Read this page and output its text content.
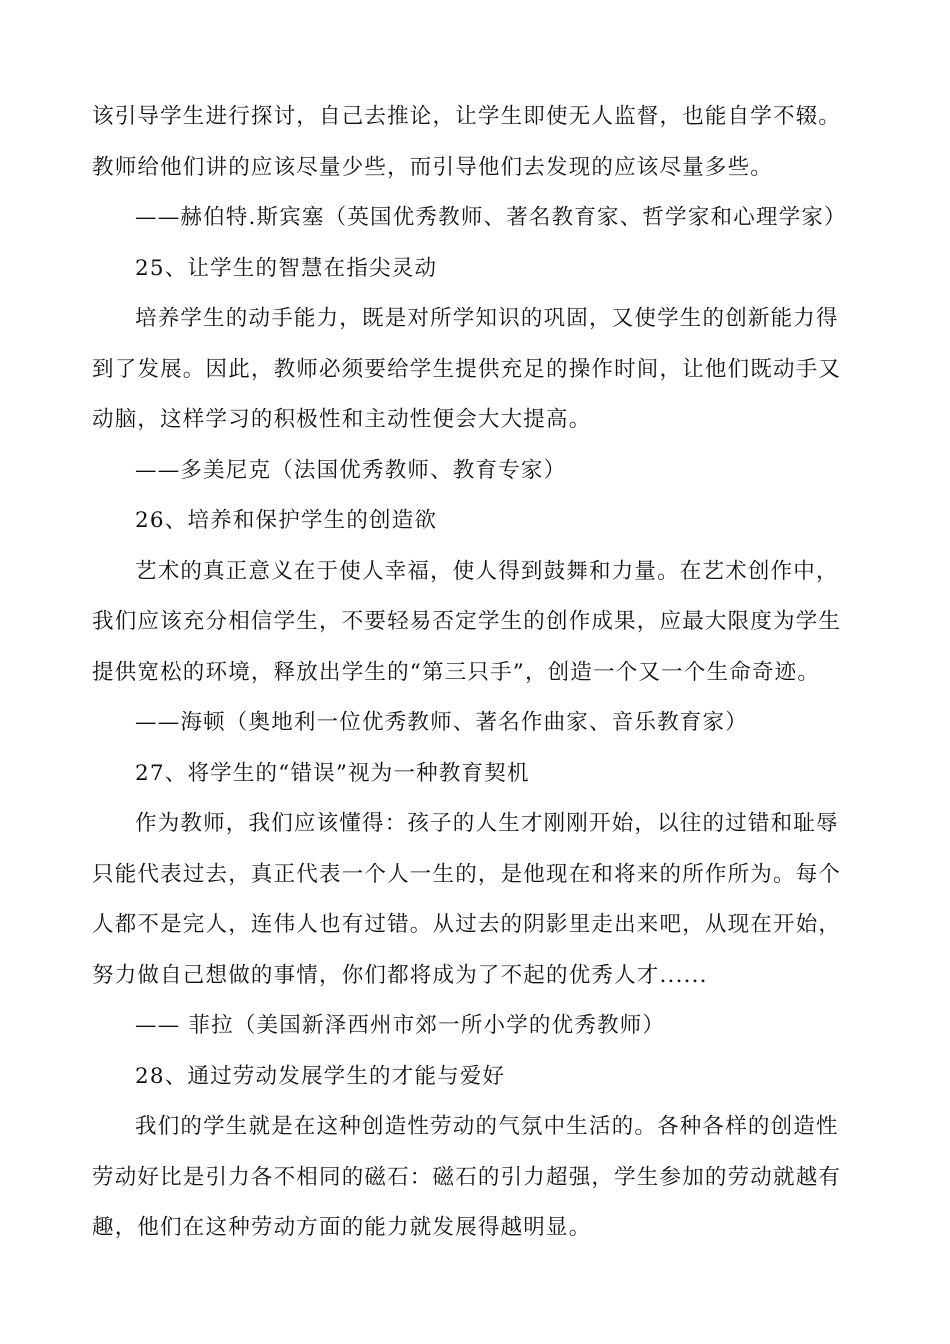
该引导学生进行探讨，自己去推论，让学生即使无人监督，也能自学不辍。教师给他们讲的应该尽量少些，而引导他们去发现的应该尽量多些。

——赫伯特.斯宾塞（英国优秀教师、著名教育家、哲学家和心理学家）

25、让学生的智慧在指尖灵动

培养学生的动手能力，既是对所学知识的巩固，又使学生的创新能力得到了发展。因此，教师必须要给学生提供充足的操作时间，让他们既动手又动脑，这样学习的积极性和主动性便会大大提高。

——多美尼克（法国优秀教师、教育专家）

26、培养和保护学生的创造欲

艺术的真正意义在于使人幸福，使人得到鼓舞和力量。在艺术创作中，我们应该充分相信学生，不要轻易否定学生的创作成果，应最大限度为学生提供宽松的环境，释放出学生的“第三只手”，创造一个又一个生命奇迹。

——海顿（奥地利一位优秀教师、著名作曲家、音乐教育家）

27、将学生的“错误”视为一种教育契机

作为教师，我们应该懂得：孩子的人生才刚刚开始，以往的过错和耻辱只能代表过去，真正代表一个人一生的，是他现在和将来的所作所为。每个人都不是完人，连伟人也有过错。从过去的阴影里走出来吧，从现在开始，努力做自己想做的事情，你们都将成为了不起的优秀人才......

—— 菲拉（美国新泽西州市郊一所小学的优秀教师）

28、通过劳动发展学生的才能与爱好

我们的学生就是在这种创造性劳动的气氛中生活的。各种各样的创造性劳动好比是引力各不相同的磁石：磁石的引力超强，学生参加的劳动就越有趣，他们在这种劳动方面的能力就发展得越明显。
